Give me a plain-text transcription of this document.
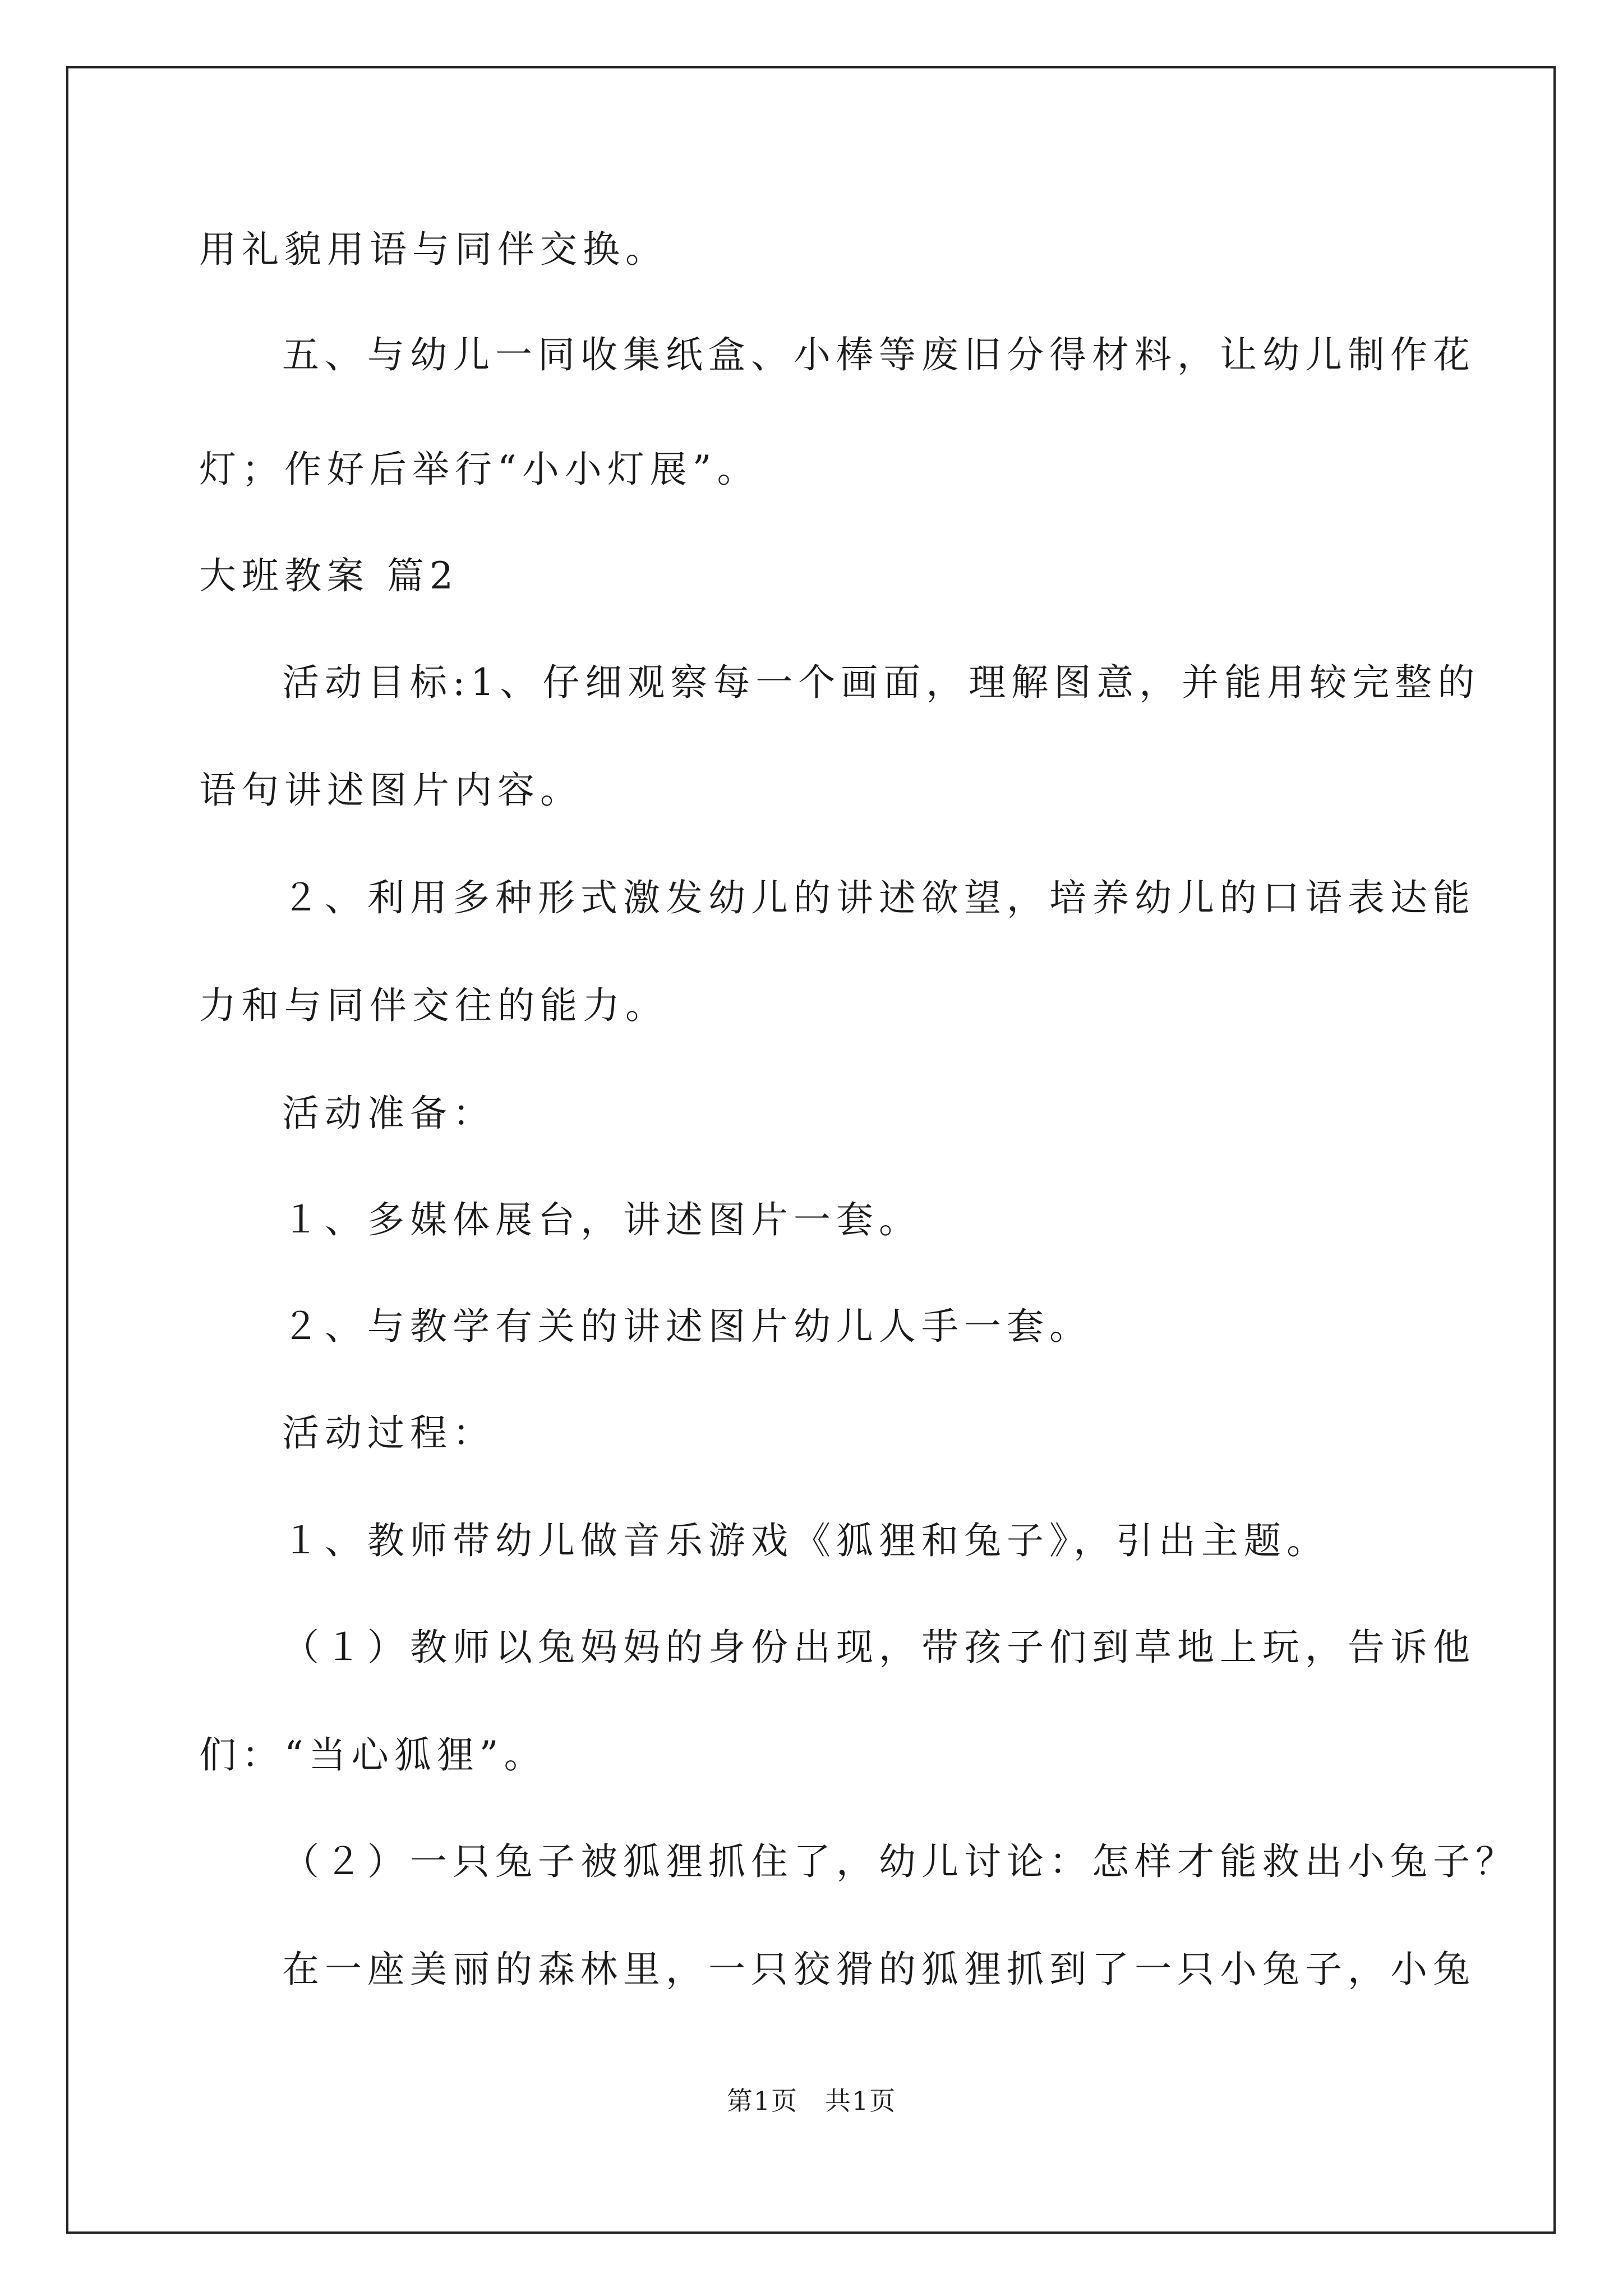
用礼貌用语与同伴交换。
五、与幼儿一同收集纸盒、小棒等废旧分得材料，让幼儿制作花
灯；作好后举行“小小灯展”。
大班教案 篇2
活动目标:1、仔细观察每一个画面，理解图意，并能用较完整的
语句讲述图片内容。
２、利用多种形式激发幼儿的讲述欲望，培养幼儿的口语表达能
力和与同伴交往的能力。
活动准备：
１、多媒体展台，讲述图片一套。
２、与教学有关的讲述图片幼儿人手一套。
活动过程：
１、教师带幼儿做音乐游戏《狐狸和兔子》，引出主题。
（１）教师以兔妈妈的身份出现，带孩子们到草地上玩，告诉他
们：“当心狐狸”。
（２）一只兔子被狐狸抓住了，幼儿讨论：怎样才能救出小兔子？
在一座美丽的森林里，一只狡猾的狐狸抓到了一只小兔子，小兔
第1页　共1页
